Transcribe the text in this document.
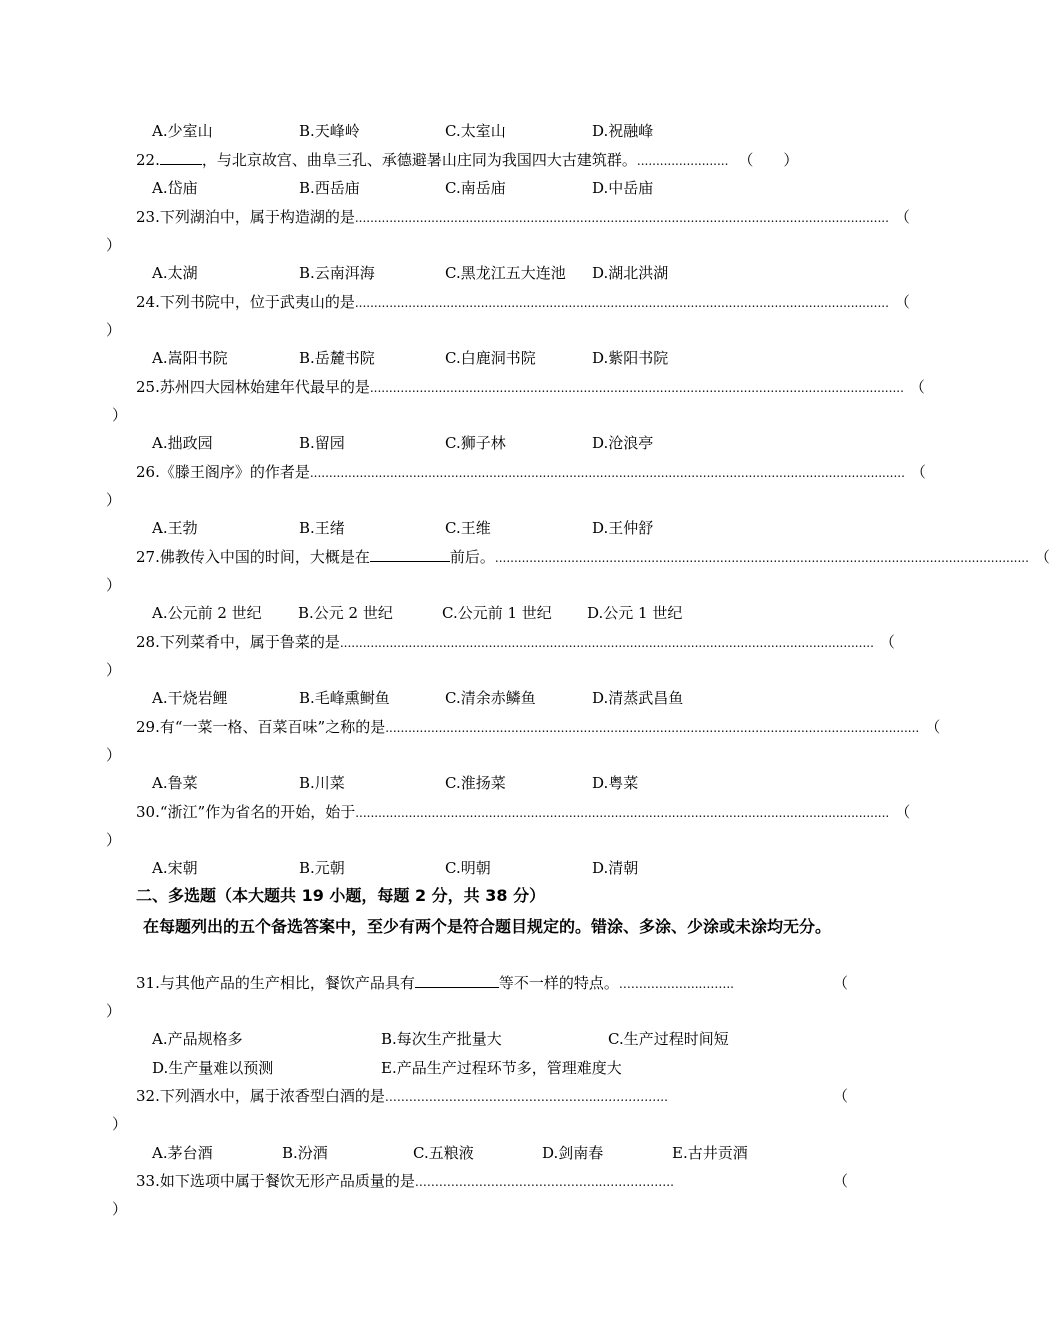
A.少室山	B.天峰岭	C.太室山	D.祝融峰
22.	，与北京故宫、曲阜三孔、承德避暑山庄同为我国四大古建筑群。........................ （　　）
A.岱庙	B.西岳庙	C.南岳庙	D.中岳庙
23.下列湖泊中，属于构造湖的是 ............................................................................................................................................ （
）
A.太湖	B.云南洱海	C.黑龙江五大连池 D.湖北洪湖
24.下列书院中，位于武夷山的是 ............................................................................................................................................ （
）
A.嵩阳书院	B.岳麓书院	C.白鹿洞书院	D.紫阳书院
25.苏州四大园林始建年代最早的是 ............................................................................................................................................ （
）
A.拙政园	B.留园	C.狮子林	D.沧浪亭
26.《滕王阁序》的作者是 ............................................................................................................................................................ （
）
A.王勃	B.王绪	C.王维	D.王仲舒
27.佛教传入中国的时间，大概是在	前后。 ............................................................................................................................................ （
）
A.公元前 2 世纪 B.公元 2 世纪	C.公元前 1 世纪 D.公元 1 世纪
28.下列菜肴中，属于鲁菜的是 ............................................................................................................................................ （
）
A.干烧岩鲤	B.毛峰熏鲥鱼	C.清余赤鳞鱼	D.清蒸武昌鱼
29.有“一菜一格、百菜百味”之称的是 ............................................................................................................................................ （
）
A.鲁菜	B.川菜	C.淮扬菜	D.粤菜
30.“浙江”作为省名的开始，始于 ............................................................................................................................................ （
）
A.宋朝	B.元朝	C.明朝	D.清朝
二、多选题（本大题共 19 小题，每题 2 分，共 38 分）
在每题列出的五个备选答案中，至少有两个是符合题目规定的。错涂、多涂、少涂或未涂均无分。
31.与其他产品的生产相比，餐饮产品具有	等不一样的特点。 ………………...……..	（
）
A.产品规格多	B.每次生产批量大	C.生产过程时间短
D.生产量难以预测	E.产品生产过程环节多，管理难度大
32.下列酒水中，属于浓香型白酒的是 ……………………………………………...……………..	（
）
A.茅台酒	B.汾酒	C.五粮液	D.剑南春	E.古井贡酒
33.如下选项中属于餐饮无形产品质量的是 ………………………………………...……………..	（
）
